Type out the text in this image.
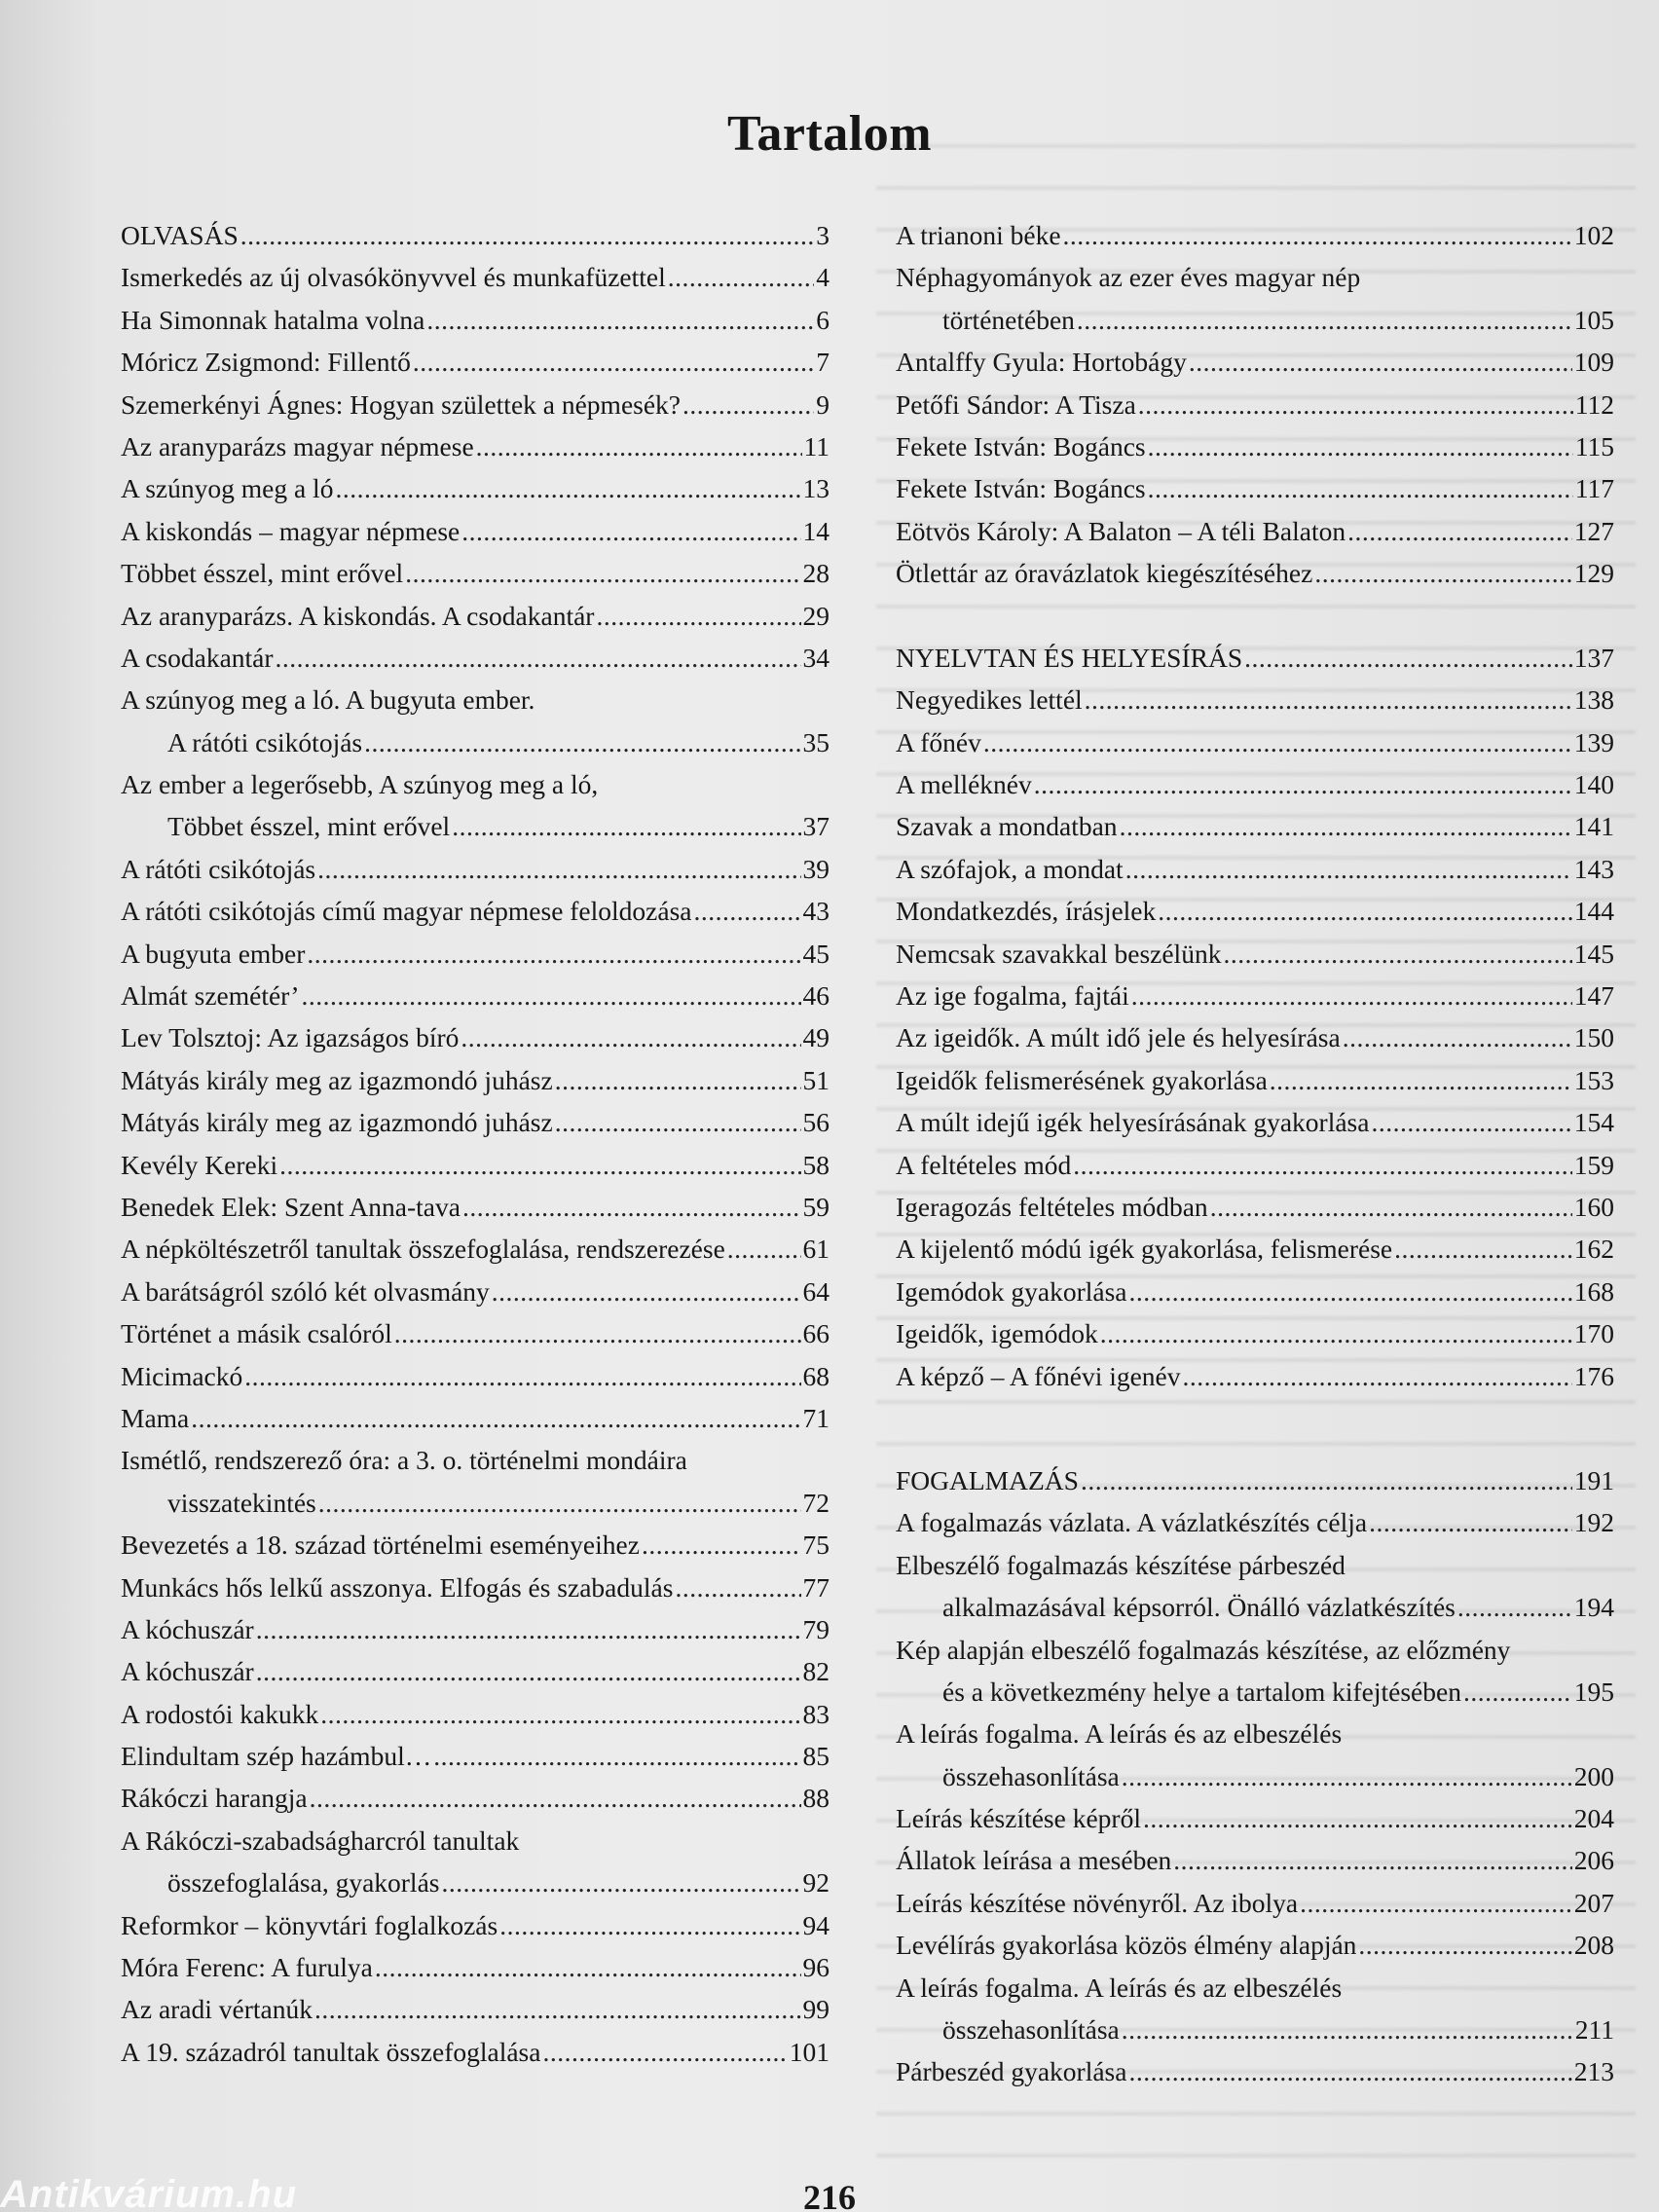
Tartalom
OLVASÁS .....	3
Ismerkedés az új olvasókönyvvel és munkafüzettel .....	4
Ha Simonnak hatalma volna .....	6
Móricz Zsigmond: Fillentő .....	7
Szemerkényi Ágnes: Hogyan születtek a népmesék? .....	9
Az aranyparázs magyar népmese .....	11
A szúnyog meg a ló .....	13
A kiskondás – magyar népmese .....	14
Többet ésszel, mint erővel .....	28
Az aranyparázs. A kiskondás. A csodakantár .....	29
A csodakantár .....	34
A szúnyog meg a ló. A bugyuta ember.
A rátóti csikótojás .....	35
Az ember a legerősebb, A szúnyog meg a ló,
Többet ésszel, mint erővel .....	37
A rátóti csikótojás .....	39
A rátóti csikótojás című magyar népmese feloldozása .....	43
A bugyuta ember .....	45
Almát szemétér’ .....	46
Lev Tolsztoj: Az igazságos bíró .....	49
Mátyás király meg az igazmondó juhász .....	51
Mátyás király meg az igazmondó juhász .....	56
Kevély Kereki .....	58
Benedek Elek: Szent Anna-tava .....	59
A népköltészetről tanultak összefoglalása, rendszerezése .....	61
A barátságról szóló két olvasmány .....	64
Történet a másik csalóról .....	66
Micimackó .....	68
Mama .....	71
Ismétlő, rendszerező óra: a 3. o. történelmi mondáira
visszatekintés .....	72
Bevezetés a 18. század történelmi eseményeihez .....	75
Munkács hős lelkű asszonya. Elfogás és szabadulás .....	77
A kóchuszár .....	79
A kóchuszár .....	82
A rodostói kakukk .....	83
Elindultam szép hazámbul… .....	85
Rákóczi harangja .....	88
A Rákóczi-szabadságharcról tanultak
összefoglalása, gyakorlás .....	92
Reformkor – könyvtári foglalkozás .....	94
Móra Ferenc: A furulya .....	96
Az aradi vértanúk .....	99
A 19. századról tanultak összefoglalása .....	101
A trianoni béke .....	102
Néphagyományok az ezer éves magyar nép
történetében .....	105
Antalffy Gyula: Hortobágy .....	109
Petőfi Sándor: A Tisza .....	112
Fekete István: Bogáncs .....	115
Fekete István: Bogáncs .....	117
Eötvös Károly: A Balaton – A téli Balaton .....	127
Ötlettár az óravázlatok kiegészítéséhez .....	129
NYELVTAN ÉS HELYESÍRÁS .....	137
Negyedikes lettél .....	138
A főnév .....	139
A melléknév .....	140
Szavak a mondatban .....	141
A szófajok, a mondat .....	143
Mondatkezdés, írásjelek .....	144
Nemcsak szavakkal beszélünk .....	145
Az ige fogalma, fajtái .....	147
Az igeidők. A múlt idő jele és helyesírása .....	150
Igeidők felismerésének gyakorlása .....	153
A múlt idejű igék helyesírásának gyakorlása .....	154
A feltételes mód .....	159
Igeragozás feltételes módban .....	160
A kijelentő módú igék gyakorlása, felismerése .....	162
Igemódok gyakorlása .....	168
Igeidők, igemódok .....	170
A képző – A főnévi igenév .....	176
FOGALMAZÁS .....	191
A fogalmazás vázlata. A vázlatkészítés célja .....	192
Elbeszélő fogalmazás készítése párbeszéd
alkalmazásával képsorról. Önálló vázlatkészítés .....	194
Kép alapján elbeszélő fogalmazás készítése, az előzmény
és a következmény helye a tartalom kifejtésében .....	195
A leírás fogalma. A leírás és az elbeszélés
összehasonlítása .....	200
Leírás készítése képről .....	204
Állatok leírása a mesében .....	206
Leírás készítése növényről. Az ibolya .....	207
Levélírás gyakorlása közös élmény alapján .....	208
A leírás fogalma. A leírás és az elbeszélés
összehasonlítása .....	211
Párbeszéd gyakorlása .....	213
216
Antikvárium.hu
